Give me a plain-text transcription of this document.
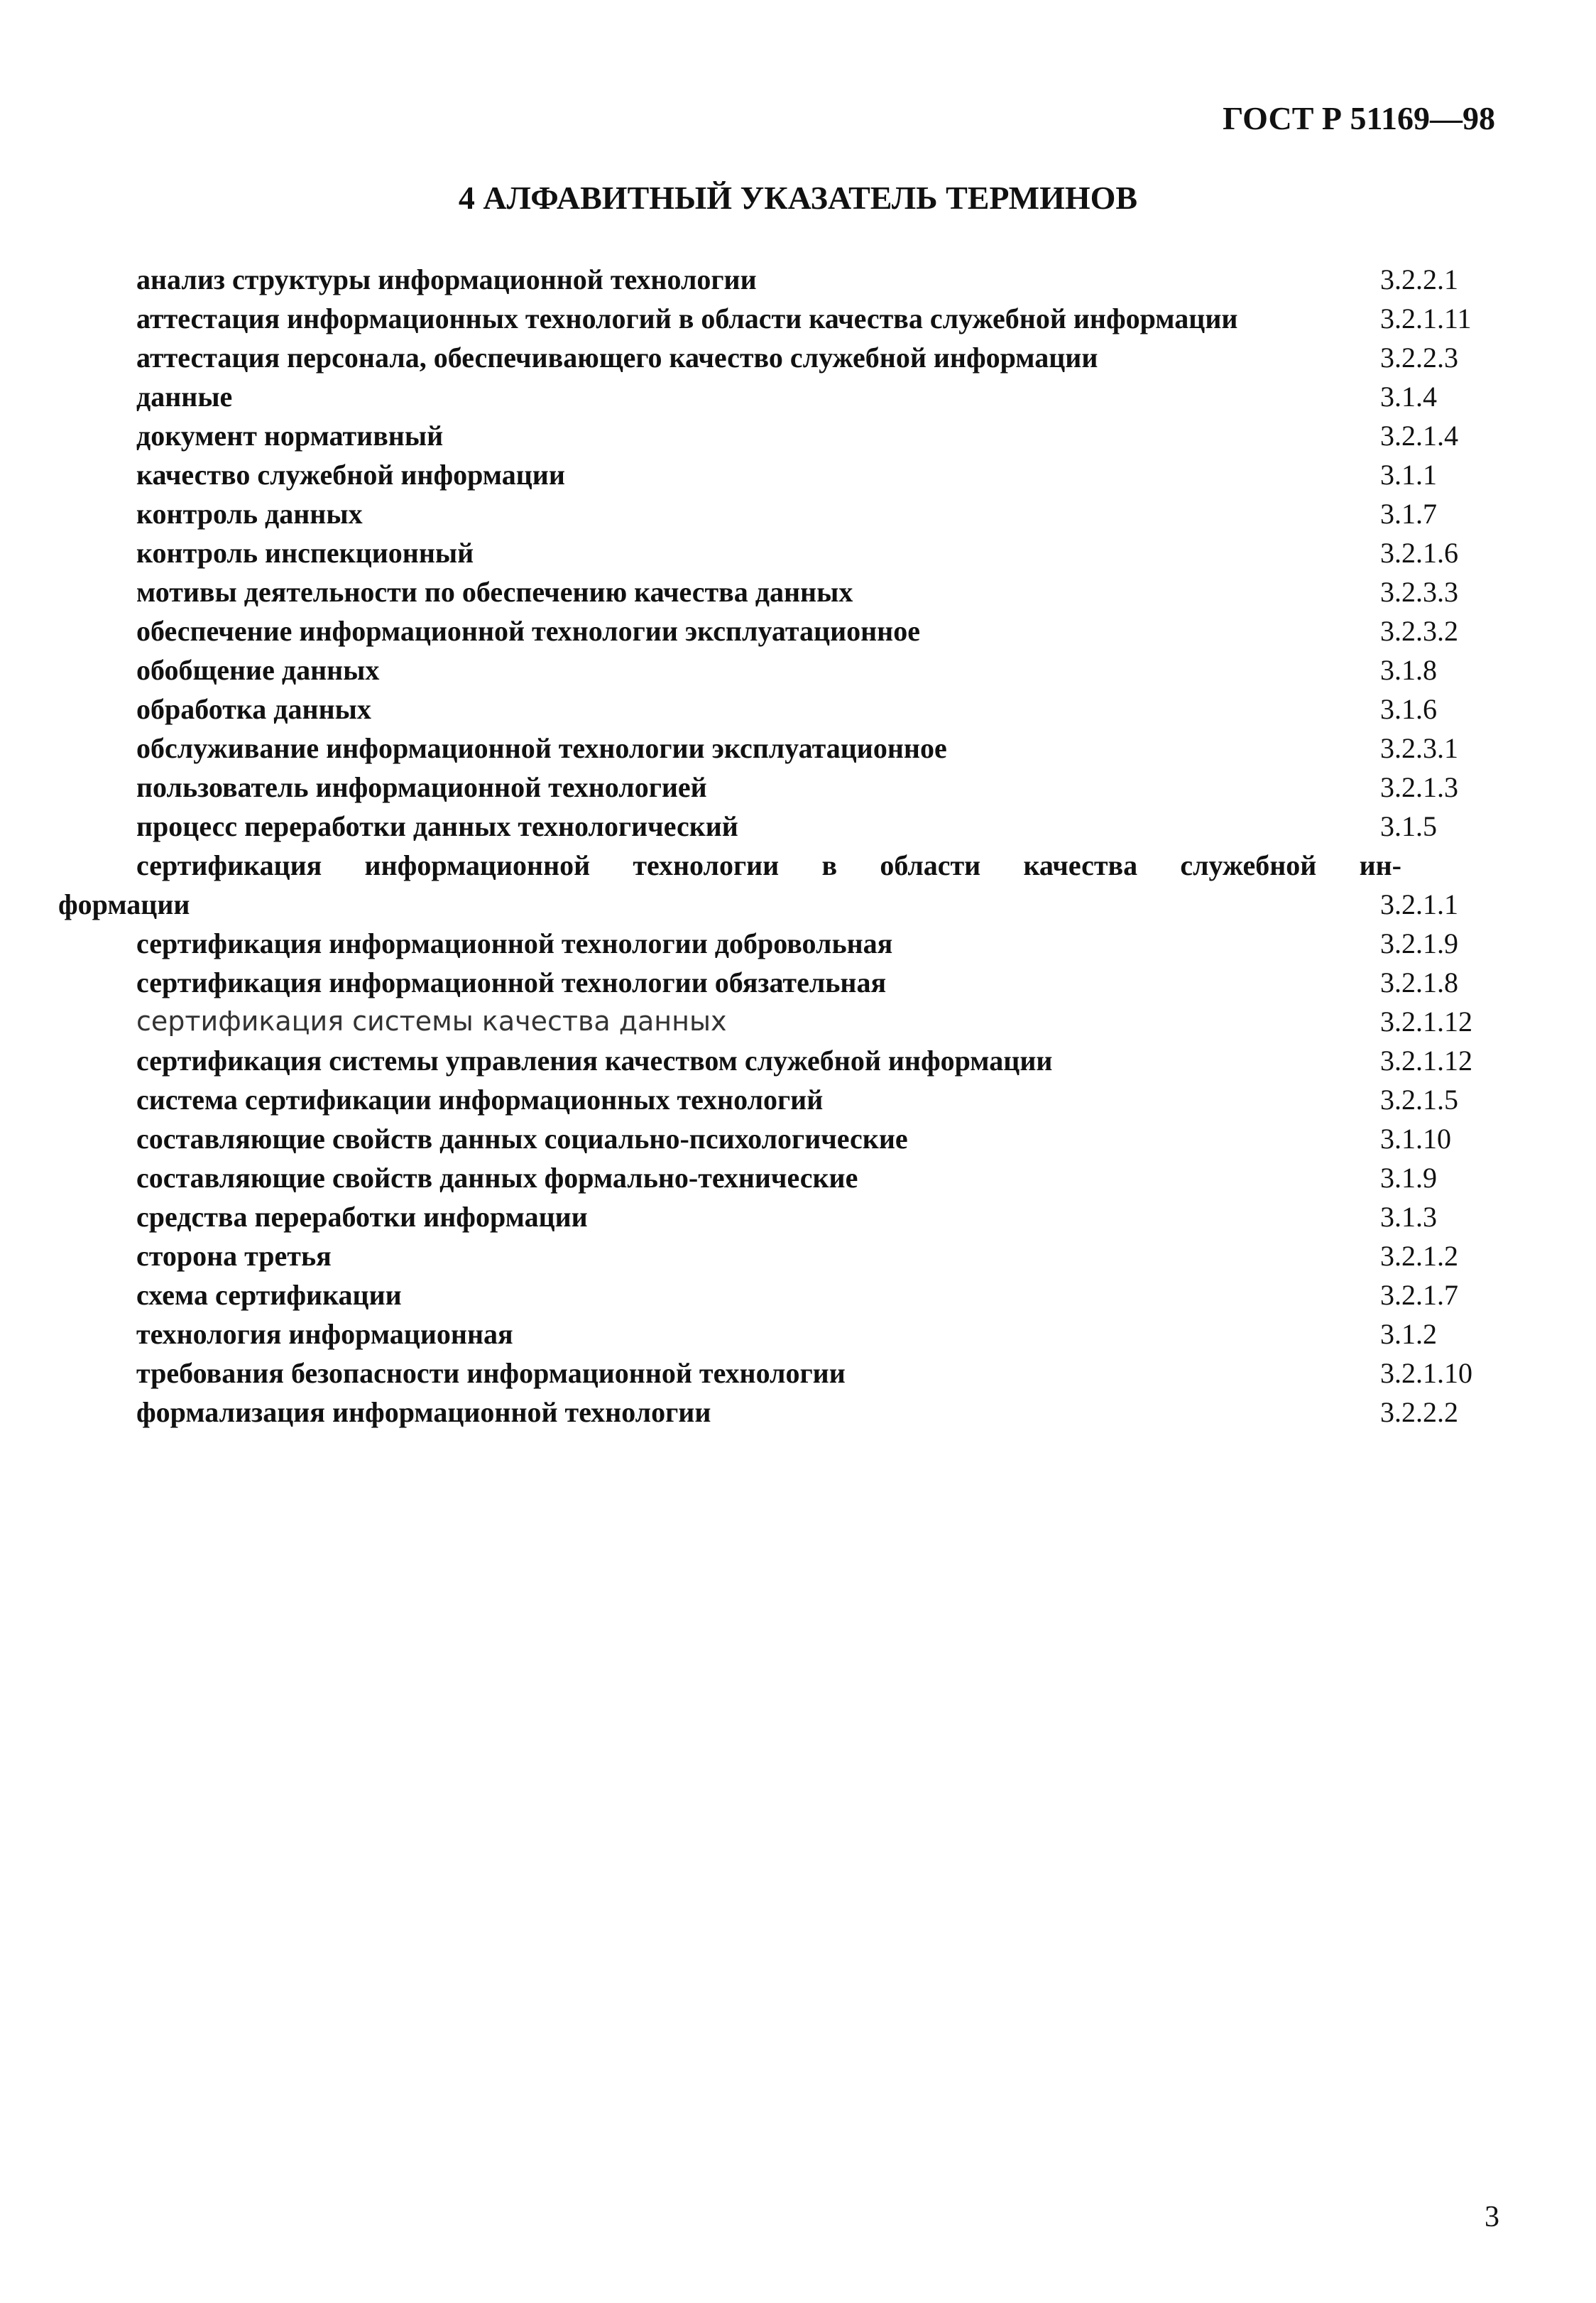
ГОСТ Р 51169—98
4 АЛФАВИТНЫЙ УКАЗАТЕЛЬ ТЕРМИНОВ
анализ структуры информационной технологии	3.2.2.1
аттестация информационных технологий в области качества служебной информации	3.2.1.11
аттестация персонала, обеспечивающего качество служебной информации	3.2.2.3
данные	3.1.4
документ нормативный	3.2.1.4
качество служебной информации	3.1.1
контроль данных	3.1.7
контроль инспекционный	3.2.1.6
мотивы деятельности по обеспечению качества данных	3.2.3.3
обеспечение информационной технологии эксплуатационное	3.2.3.2
обобщение данных	3.1.8
обработка данных	3.1.6
обслуживание информационной технологии эксплуатационное	3.2.3.1
пользователь информационной технологией	3.2.1.3
процесс переработки данных технологический	3.1.5
сертификация информационной технологии в области качества служебной ин-
формации	3.2.1.1
сертификация информационной технологии добровольная	3.2.1.9
сертификация информационной технологии обязательная	3.2.1.8
сертификация системы качества данных	3.2.1.12
сертификация системы управления качеством служебной информации	3.2.1.12
система сертификации информационных технологий	3.2.1.5
составляющие свойств данных социально-психологические	3.1.10
составляющие свойств данных формально-технические	3.1.9
средства переработки информации	3.1.3
сторона третья	3.2.1.2
схема сертификации	3.2.1.7
технология информационная	3.1.2
требования безопасности информационной технологии	3.2.1.10
формализация информационной технологии	3.2.2.2
3
